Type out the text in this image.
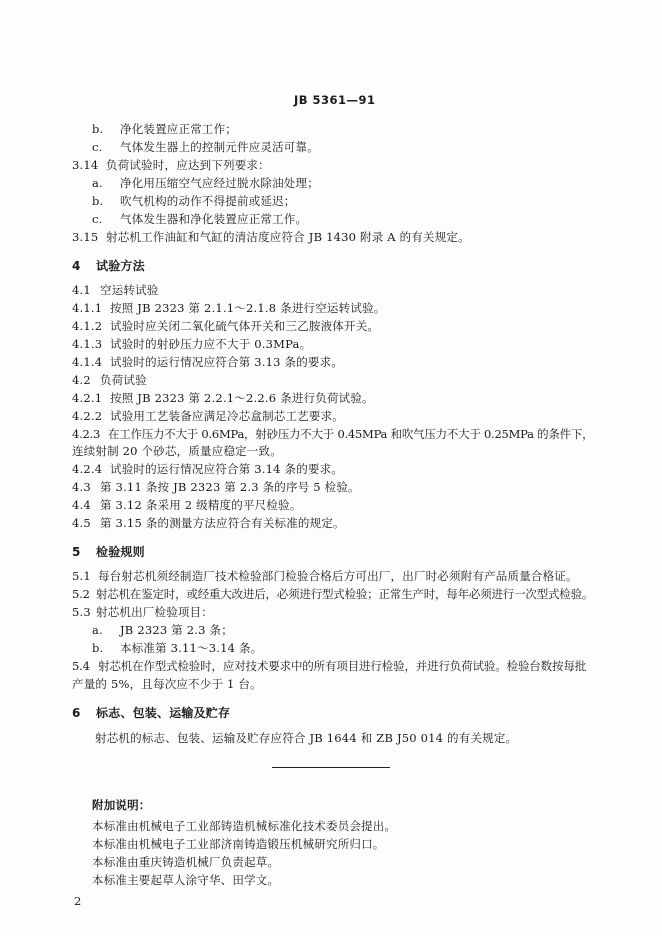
JB 5361—91
b. 净化装置应正常工作；
c. 气体发生器上的控制元件应灵活可靠。
3.14 负荷试验时，应达到下列要求：
a. 净化用压缩空气应经过脱水除油处理；
b. 吹气机构的动作不得提前或延迟；
c. 气体发生器和净化装置应正常工作。
3.15 射芯机工作油缸和气缸的清洁度应符合 JB 1430 附录 A 的有关规定。
4 试验方法
4.1 空运转试验
4.1.1 按照 JB 2323 第 2.1.1～2.1.8 条进行空运转试验。
4.1.2 试验时应关闭二氧化硫气体开关和三乙胺液体开关。
4.1.3 试验时的射砂压力应不大于 0.3MPa。
4.1.4 试验时的运行情况应符合第 3.13 条的要求。
4.2 负荷试验
4.2.1 按照 JB 2323 第 2.2.1～2.2.6 条进行负荷试验。
4.2.2 试验用工艺装备应满足冷芯盒制芯工艺要求。
4.2.3 在工作压力不大于 0.6MPa，射砂压力不大于 0.45MPa 和吹气压力不大于 0.25MPa 的条件下，
连续射制 20 个砂芯，质量应稳定一致。
4.2.4 试验时的运行情况应符合第 3.14 条的要求。
4.3 第 3.11 条按 JB 2323 第 2.3 条的序号 5 检验。
4.4 第 3.12 条采用 2 级精度的平尺检验。
4.5 第 3.15 条的测量方法应符合有关标准的规定。
5 检验规则
5.1 每台射芯机须经制造厂技术检验部门检验合格后方可出厂，出厂时必须附有产品质量合格证。
5.2 射芯机在鉴定时，或经重大改进后，必须进行型式检验；正常生产时，每年必须进行一次型式检验。
5.3 射芯机出厂检验项目：
a. JB 2323 第 2.3 条；
b. 本标准第 3.11～3.14 条。
5.4 射芯机在作型式检验时，应对技术要求中的所有项目进行检验，并进行负荷试验。检验台数按每批
产量的 5%，且每次应不少于 1 台。
6 标志、包装、运输及贮存
射芯机的标志、包装、运输及贮存应符合 JB 1644 和 ZB J50 014 的有关规定。
附加说明：
本标准由机械电子工业部铸造机械标准化技术委员会提出。
本标准由机械电子工业部济南铸造锻压机械研究所归口。
本标准由重庆铸造机械厂负责起草。
本标准主要起草人涂守华、田学文。
2
